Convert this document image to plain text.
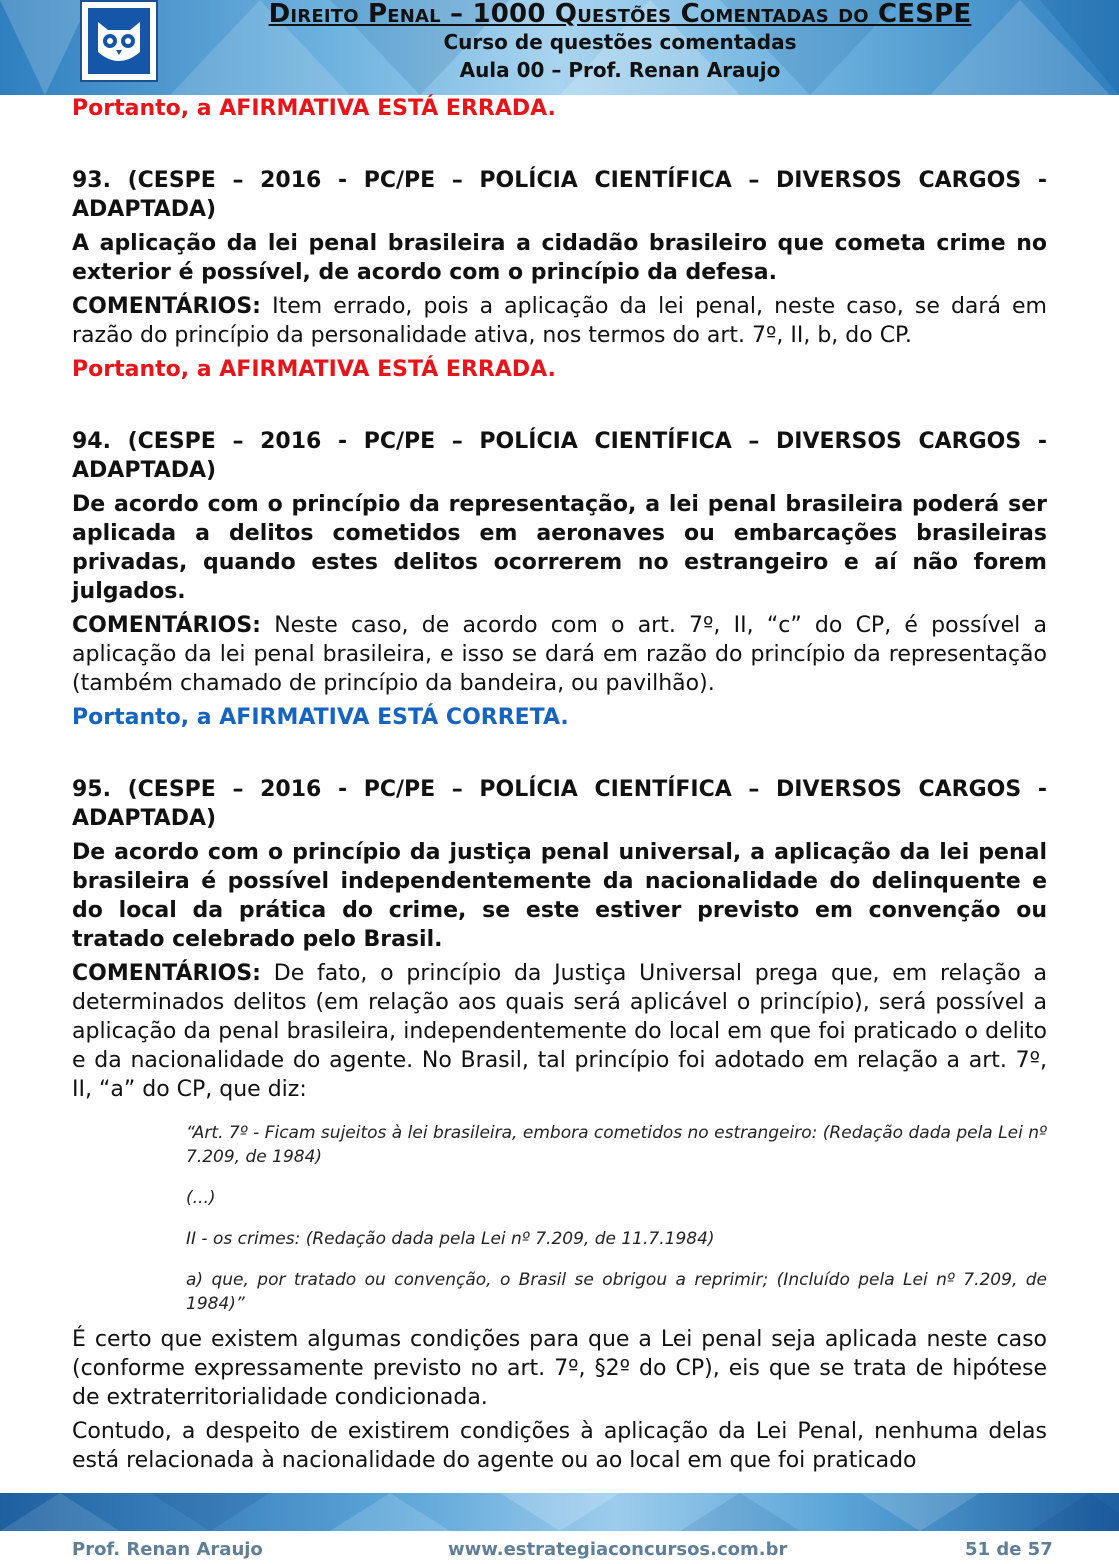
Direito Penal – 1000 Questões Comentadas do CESPE
Curso de questões comentadas
Aula 00 – Prof. Renan Araujo

Portanto, a AFIRMATIVA ESTÁ ERRADA.

93. (CESPE – 2016 - PC/PE – POLÍCIA CIENTÍFICA – DIVERSOS CARGOS - ADAPTADA)

A aplicação da lei penal brasileira a cidadão brasileiro que cometa crime no exterior é possível, de acordo com o princípio da defesa.

COMENTÁRIOS: Item errado, pois a aplicação da lei penal, neste caso, se dará em razão do princípio da personalidade ativa, nos termos do art. 7º, II, b, do CP.

Portanto, a AFIRMATIVA ESTÁ ERRADA.

94. (CESPE – 2016 - PC/PE – POLÍCIA CIENTÍFICA – DIVERSOS CARGOS - ADAPTADA)

De acordo com o princípio da representação, a lei penal brasileira poderá ser aplicada a delitos cometidos em aeronaves ou embarcações brasileiras privadas, quando estes delitos ocorrerem no estrangeiro e aí não forem julgados.

COMENTÁRIOS: Neste caso, de acordo com o art. 7º, II, “c” do CP, é possível a aplicação da lei penal brasileira, e isso se dará em razão do princípio da representação (também chamado de princípio da bandeira, ou pavilhão).

Portanto, a AFIRMATIVA ESTÁ CORRETA.

95. (CESPE – 2016 - PC/PE – POLÍCIA CIENTÍFICA – DIVERSOS CARGOS - ADAPTADA)

De acordo com o princípio da justiça penal universal, a aplicação da lei penal brasileira é possível independentemente da nacionalidade do delinquente e do local da prática do crime, se este estiver previsto em convenção ou tratado celebrado pelo Brasil.

COMENTÁRIOS: De fato, o princípio da Justiça Universal prega que, em relação a determinados delitos (em relação aos quais será aplicável o princípio), será possível a aplicação da penal brasileira, independentemente do local em que foi praticado o delito e da nacionalidade do agente. No Brasil, tal princípio foi adotado em relação a art. 7º, II, “a” do CP, que diz:

“Art. 7º - Ficam sujeitos à lei brasileira, embora cometidos no estrangeiro: (Redação dada pela Lei nº 7.209, de 1984)

(...)

II - os crimes: (Redação dada pela Lei nº 7.209, de 11.7.1984)

a) que, por tratado ou convenção, o Brasil se obrigou a reprimir; (Incluído pela Lei nº 7.209, de 1984)”

É certo que existem algumas condições para que a Lei penal seja aplicada neste caso (conforme expressamente previsto no art. 7º, §2º do CP), eis que se trata de hipótese de extraterritorialidade condicionada.

Contudo, a despeito de existirem condições à aplicação da Lei Penal, nenhuma delas está relacionada à nacionalidade do agente ou ao local em que foi praticado

Prof. Renan Araujo	www.estrategiaconcursos.com.br	51 de 57
